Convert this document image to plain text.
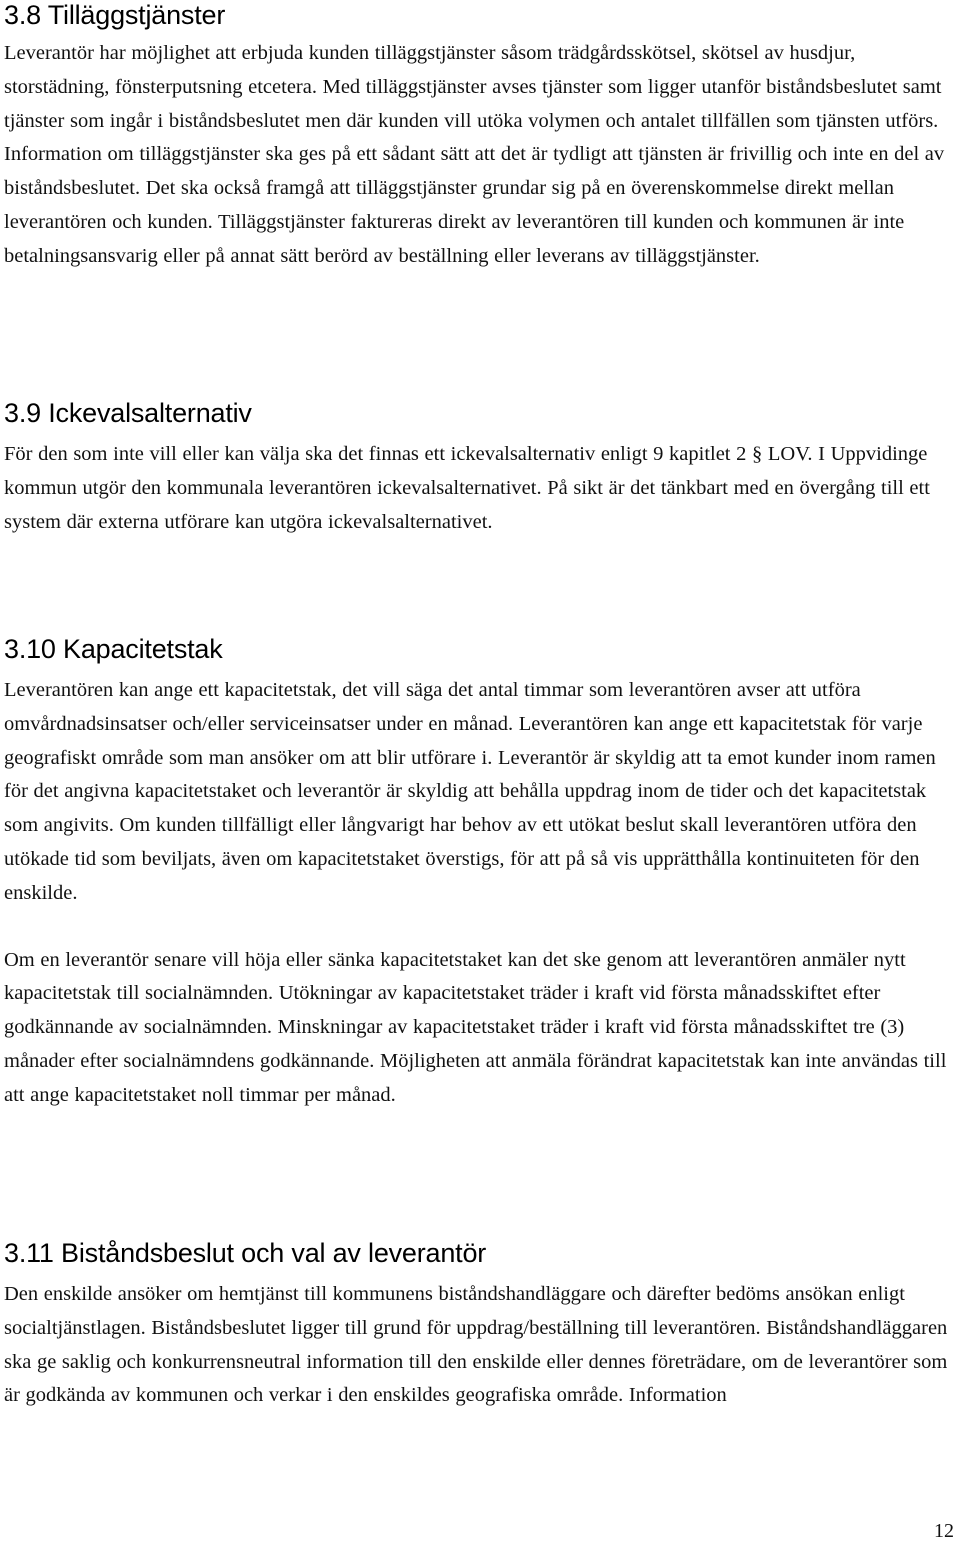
3.8 Tilläggstjänster

Leverantör har möjlighet att erbjuda kunden tilläggstjänster såsom trädgårdsskötsel, skötsel av husdjur, storstädning, fönsterputsning etcetera. Med tilläggstjänster avses tjänster som ligger utanför biståndsbeslutet samt tjänster som ingår i biståndsbeslutet men där kunden vill utöka volymen och antalet tillfällen som tjänsten utförs. Information om tilläggstjänster ska ges på ett sådant sätt att det är tydligt att tjänsten är frivillig och inte en del av biståndsbeslutet. Det ska också framgå att tilläggstjänster grundar sig på en överenskommelse direkt mellan leverantören och kunden. Tilläggstjänster faktureras direkt av leverantören till kunden och kommunen är inte betalningsansvarig eller på annat sätt berörd av beställning eller leverans av tilläggstjänster.

3.9 Ickevalsalternativ

För den som inte vill eller kan välja ska det finnas ett ickevalsalternativ enligt 9 kapitlet 2 § LOV. I Uppvidinge kommun utgör den kommunala leverantören ickevalsalternativet. På sikt är det tänkbart med en övergång till ett system där externa utförare kan utgöra ickevalsalternativet.

3.10 Kapacitetstak

Leverantören kan ange ett kapacitetstak, det vill säga det antal timmar som leverantören avser att utföra omvårdnadsinsatser och/eller serviceinsatser under en månad. Leverantören kan ange ett kapacitetstak för varje geografiskt område som man ansöker om att blir utförare i. Leverantör är skyldig att ta emot kunder inom ramen för det angivna kapacitetstaket och leverantör är skyldig att behålla uppdrag inom de tider och det kapacitetstak som angivits. Om kunden tillfälligt eller långvarigt har behov av ett utökat beslut skall leverantören utföra den utökade tid som beviljats, även om kapacitetstaket överstigs, för att på så vis upprätthålla kontinuiteten för den enskilde.

Om en leverantör senare vill höja eller sänka kapacitetstaket kan det ske genom att leverantören anmäler nytt kapacitetstak till socialnämnden. Utökningar av kapacitetstaket träder i kraft vid första månadsskiftet efter godkännande av socialnämnden. Minskningar av kapacitetstaket träder i kraft vid första månadsskiftet tre (3) månader efter socialnämndens godkännande. Möjligheten att anmäla förändrat kapacitetstak kan inte användas till att ange kapacitetstaket noll timmar per månad.

3.11 Biståndsbeslut och val av leverantör

Den enskilde ansöker om hemtjänst till kommunens biståndshandläggare och därefter bedöms ansökan enligt socialtjänstlagen. Biståndsbeslutet ligger till grund för uppdrag/beställning till leverantören. Biståndshandläggaren ska ge saklig och konkurrensneutral information till den enskilde eller dennes företrädare, om de leverantörer som är godkända av kommunen och verkar i den enskildes geografiska område. Information

12
